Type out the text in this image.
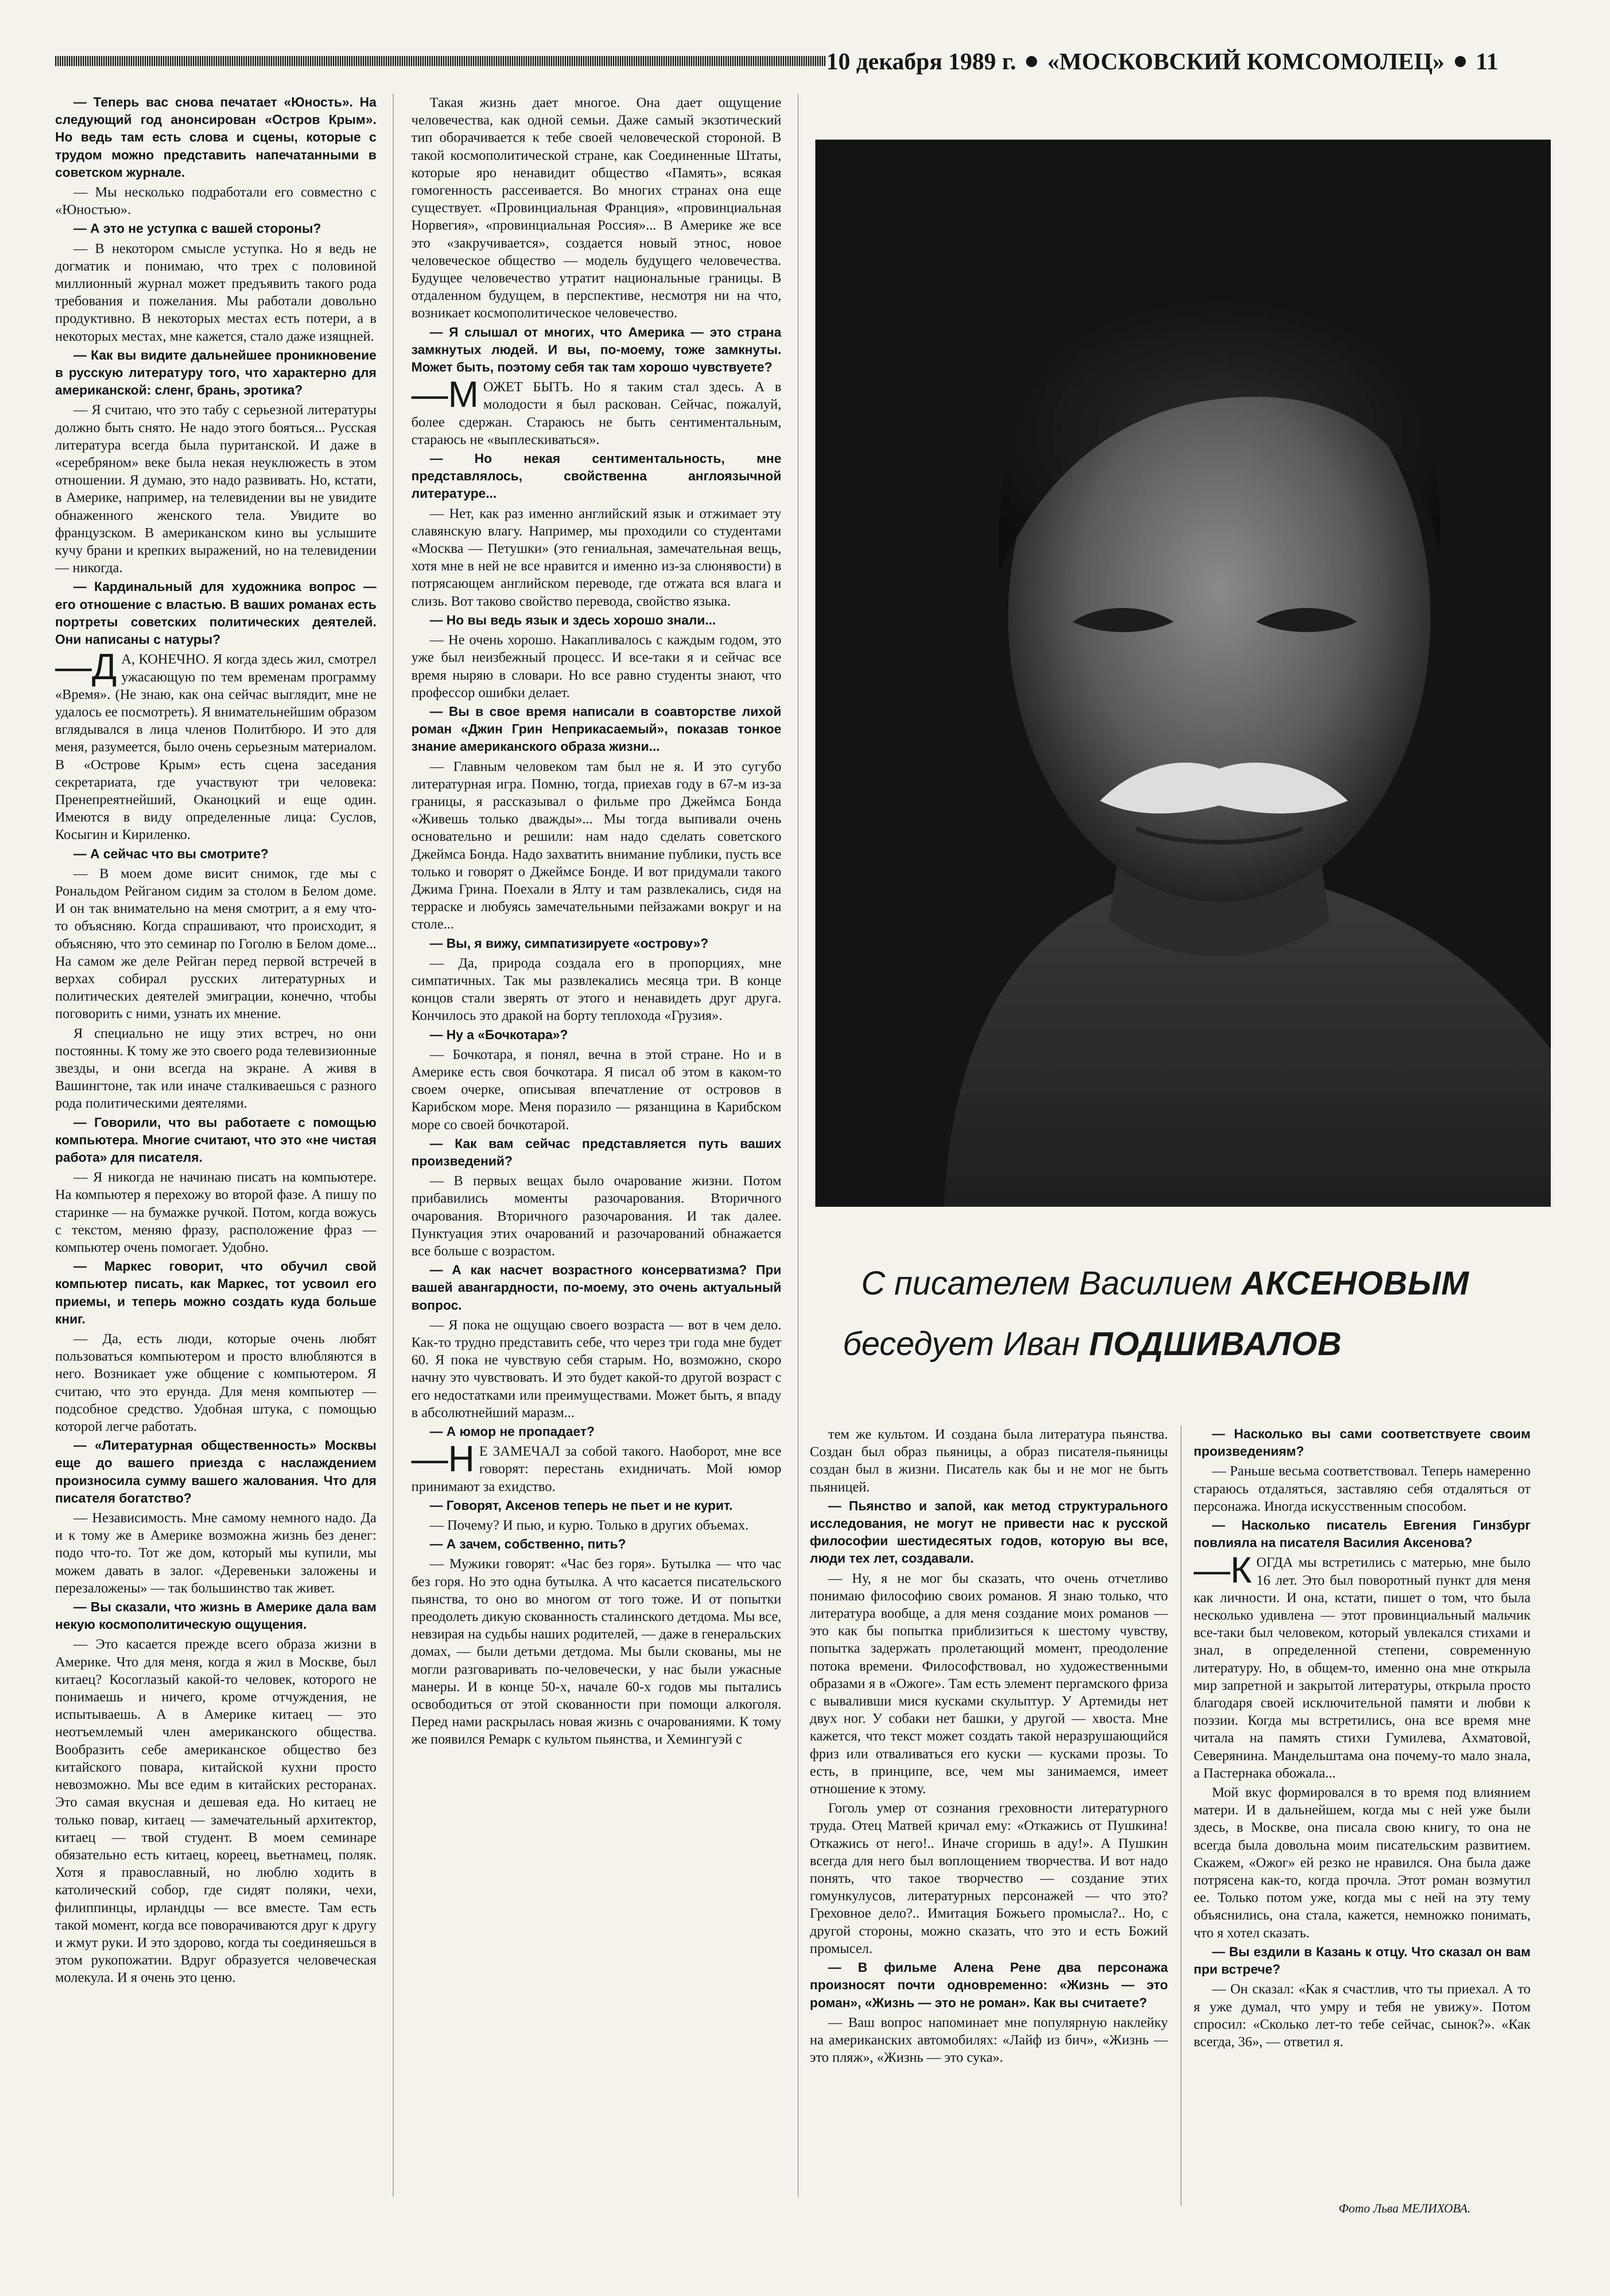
10 декабря 1989 г. «МОСКОВСКИЙ КОМСОМОЛЕЦ» 11

— Теперь вас снова печатает «Юность». На следующий год анонсирован «Остров Крым». Но ведь там есть слова и сцены, которые с трудом можно представить напечатанными в советском журнале.

— Мы несколько подработали его совместно с «Юностью».

— А это не уступка с вашей стороны?

— В некотором смысле уступка. Но я ведь не догматик и понимаю, что трех с половиной миллионный журнал может предъявить такого рода требования и пожелания. Мы работали довольно продуктивно. В некоторых местах есть потери, а в некоторых местах, мне кажется, стало даже изящней.

— Как вы видите дальнейшее проникновение в русскую литературу того, что характерно для американской: сленг, брань, эротика?

— Я считаю, что это табу с серьезной литературы должно быть снято. Не надо этого бояться... Русская литература всегда была пуританской. И даже в «серебряном» веке была некая неуклюжесть в этом отношении. Я думаю, это надо развивать. Но, кстати, в Америке, например, на телевидении вы не увидите обнаженного женского тела. Увидите во французском. В американском кино вы услышите кучу брани и крепких выражений, но на телевидении — никогда.

— Кардинальный для художника вопрос — его отношение с властью. В ваших романах есть портреты советских политических деятелей. Они написаны с натуры?

—Д А, КОНЕЧНО. Я когда здесь жил, смотрел ужасающую по тем временам программу «Время». (Не знаю, как она сейчас выглядит, мне не удалось ее посмотреть). Я внимательнейшим образом вглядывался в лица членов Политбюро. И это для меня, разумеется, было очень серьезным материалом. В «Острове Крым» есть сцена заседания секретариата, где участвуют три человека: Пренепреятнейший, Оканоцкий и еще один. Имеются в виду определенные лица: Суслов, Косыгин и Кириленко.

— А сейчас что вы смотрите?

— В моем доме висит снимок, где мы с Рональдом Рейганом сидим за столом в Белом доме. И он так внимательно на меня смотрит, а я ему что-то объясняю. Когда спрашивают, что происходит, я объясняю, что это семинар по Гоголю в Белом доме... На самом же деле Рейган перед первой встречей в верхах собирал русских литературных и политических деятелей эмиграции, конечно, чтобы поговорить с ними, узнать их мнение.

Я специально не ищу этих встреч, но они постоянны. К тому же это своего рода телевизионные звезды, и они всегда на экране. А живя в Вашингтоне, так или иначе сталкиваешься с разного рода политическими деятелями.

— Говорили, что вы работаете с помощью компьютера. Многие считают, что это «не чистая работа» для писателя.

— Я никогда не начинаю писать на компьютере. На компьютер я перехожу во второй фазе. А пишу по старинке — на бумажке ручкой. Потом, когда вожусь с текстом, меняю фразу, расположение фраз — компьютер очень помогает. Удобно.

— Маркес говорит, что обучил свой компьютер писать, как Маркес, тот усвоил его приемы, и теперь можно создать куда больше книг.

— Да, есть люди, которые очень любят пользоваться компьютером и просто влюбляются в него. Возникает уже общение с компьютером. Я считаю, что это ерунда. Для меня компьютер — подсобное средство. Удобная штука, с помощью которой легче работать.

— «Литературная общественность» Москвы еще до вашего приезда с наслаждением произносила сумму вашего жалования. Что для писателя богатство?

— Независимость. Мне самому немного надо. Да и к тому же в Америке возможна жизнь без денег: подо что-то. Тот же дом, который мы купили, мы можем давать в залог. «Деревеньки заложены и перезаложены» — так большинство так живет.

— Вы сказали, что жизнь в Америке дала вам некую космополитическую ощущения.

— Это касается прежде всего образа жизни в Америке. Что для меня, когда я жил в Москве, был китаец? Косоглазый какой-то человек, которого не понимаешь и ничего, кроме отчуждения, не испытываешь. А в Америке китаец — это неотъемлемый член американского общества. Вообразить себе американское общество без китайского повара, китайской кухни просто невозможно. Мы все едим в китайских ресторанах. Это самая вкусная и дешевая еда. Но китаец не только повар, китаец — замечательный архитектор, китаец — твой студент. В моем семинаре обязательно есть китаец, кореец, вьетнамец, поляк. Хотя я православный, но люблю ходить в католический собор, где сидят поляки, чехи, филиппинцы, ирландцы — все вместе. Там есть такой момент, когда все поворачиваются друг к другу и жмут руки. И это здорово, когда ты соединяешься в этом рукопожатии. Вдруг образуется человеческая молекула. И я очень это ценю.

Такая жизнь дает многое. Она дает ощущение человечества, как одной семьи. Даже самый экзотический тип оборачивается к тебе своей человеческой стороной. В такой космополитической стране, как Соединенные Штаты, которые яро ненавидит общество «Память», всякая гомогенность рассеивается. Во многих странах она еще существует. «Провинциальная Франция», «провинциальная Норвегия», «провинциальная Россия»... В Америке же все это «закручивается», создается новый этнос, новое человеческое общество — модель будущего человечества. Будущее человечество утратит национальные границы. В отдаленном будущем, в перспективе, несмотря ни на что, возникает космополитическое человечество.

— Я слышал от многих, что Америка — это страна замкнутых людей. И вы, по-моему, тоже замкнуты. Может быть, поэтому себя так там хорошо чувствуете?

—М ОЖЕТ БЫТЬ. Но я таким стал здесь. А в молодости я был раскован. Сейчас, пожалуй, более сдержан. Стараюсь не быть сентиментальным, стараюсь не «выплескиваться».

— Но некая сентиментальность, мне представлялось, свойственна англоязычной литературе...

— Нет, как раз именно английский язык и отжимает эту славянскую влагу. Например, мы проходили со студентами «Москва — Петушки» (это гениальная, замечательная вещь, хотя мне в ней не все нравится и именно из-за слюнявости) в потрясающем английском переводе, где отжата вся влага и слизь. Вот таково свойство перевода, свойство языка.

— Но вы ведь язык и здесь хорошо знали...

— Не очень хорошо. Накапливалось с каждым годом, это уже был неизбежный процесс. И все-таки я и сейчас все время ныряю в словари. Но все равно студенты знают, что профессор ошибки делает.

— Вы в свое время написали в соавторстве лихой роман «Джин Грин Неприкасаемый», показав тонкое знание американского образа жизни...

— Главным человеком там был не я. И это сугубо литературная игра. Помню, тогда, приехав году в 67-м из-за границы, я рассказывал о фильме про Джеймса Бонда «Живешь только дважды»... Мы тогда выпивали очень основательно и решили: нам надо сделать советского Джеймса Бонда. Надо захватить внимание публики, пусть все только и говорят о Джеймсе Бонде. И вот придумали такого Джима Грина. Поехали в Ялту и там развлекались, сидя на терраске и любуясь замечательными пейзажами вокруг и на столе...

— Вы, я вижу, симпатизируете «острову»?

— Да, природа создала его в пропорциях, мне симпатичных. Так мы развлекались месяца три. В конце концов стали зверять от этого и ненавидеть друг друга. Кончилось это дракой на борту теплохода «Грузия».

— Ну а «Бочкотара»?

— Бочкотара, я понял, вечна в этой стране. Но и в Америке есть своя бочкотара. Я писал об этом в каком-то своем очерке, описывая впечатление от островов в Карибском море. Меня поразило — рязанщина в Карибском море со своей бочкотарой.

— Как вам сейчас представляется путь ваших произведений?

— В первых вещах было очарование жизни. Потом прибавились моменты разочарования. Вторичного очарования. Вторичного разочарования. И так далее. Пунктуация этих очарований и разочарований обнажается все больше с возрастом.

— А как насчет возрастного консерватизма? При вашей авангардности, по-моему, это очень актуальный вопрос.

— Я пока не ощущаю своего возраста — вот в чем дело. Как-то трудно представить себе, что через три года мне будет 60. Я пока не чувствую себя старым. Но, возможно, скоро начну это чувствовать. И это будет какой-то другой возраст с его недостатками или преимуществами. Может быть, я впаду в абсолютнейший маразм...

— А юмор не пропадает?

—Н Е ЗАМЕЧАЛ за собой такого. Наоборот, мне все говорят: перестань ехидничать. Мой юмор принимают за ехидство.

— Говорят, Аксенов теперь не пьет и не курит.

— Почему? И пью, и курю. Только в других объемах.

— А зачем, собственно, пить?

— Мужики говорят: «Час без горя». Бутылка — что час без горя. Но это одна бутылка. А что касается писательского пьянства, то оно во многом от того тоже. И от попытки преодолеть дикую скованность сталинского детдома. Мы все, невзирая на судьбы наших родителей, — даже в генеральских домах, — были детьми детдома. Мы были скованы, мы не могли разговаривать по-человечески, у нас были ужасные манеры. И в конце 50-х, начале 60-х годов мы пытались освободиться от этой скованности при помощи алкоголя. Перед нами раскрылась новая жизнь с очарованиями. К тому же появился Ремарк с культом пьянства, и Хемингуэй с

С писателем Василием АКСЕНОВЫМ
беседует Иван ПОДШИВАЛОВ

тем же культом. И создана была литература пьянства. Создан был образ пьяницы, а образ писателя-пьяницы создан был в жизни. Писатель как бы и не мог не быть пьяницей.

— Пьянство и запой, как метод структурального исследования, не могут не привести нас к русской философии шестидесятых годов, которую вы все, люди тех лет, создавали.

— Ну, я не мог бы сказать, что очень отчетливо понимаю философию своих романов. Я знаю только, что литература вообще, а для меня создание моих романов — это как бы попытка приблизиться к шестому чувству, попытка задержать пролетающий момент, преодоление потока времени. Философствовал, но художественными образами я в «Ожоге». Там есть элемент пергамского фриза с вываливши мися кусками скульптур. У Артемиды нет двух ног. У собаки нет башки, у другой — хвоста. Мне кажется, что текст может создать такой неразрушающийся фриз или отваливаться его куски — кусками прозы. То есть, в принципе, все, чем мы занимаемся, имеет отношение к этому.

Гоголь умер от сознания греховности литературного труда. Отец Матвей кричал ему: «Откажись от Пушкина! Откажись от него!.. Иначе сгоришь в аду!». А Пушкин всегда для него был воплощением творчества. И вот надо понять, что такое творчество — создание этих гомункулусов, литературных персонажей — что это? Греховное дело?.. Имитация Божьего промысла?.. Но, с другой стороны, можно сказать, что это и есть Божий промысел.

— В фильме Алена Рене два персонажа произносят почти одновременно: «Жизнь — это роман», «Жизнь — это не роман». Как вы считаете?

— Ваш вопрос напоминает мне популярную наклейку на американских автомобилях: «Лайф из бич», «Жизнь — это пляж», «Жизнь — это сука».

— Насколько вы сами соответствуете своим произведениям?

— Раньше весьма соответствовал. Теперь намеренно стараюсь отдаляться, заставляю себя отдаляться от персонажа. Иногда искусственным способом.

— Насколько писатель Евгения Гинзбург повлияла на писателя Василия Аксенова?

—К ОГДА мы встретились с матерью, мне было 16 лет. Это был поворотный пункт для меня как личности. И она, кстати, пишет о том, что была несколько удивлена — этот провинциальный мальчик все-таки был человеком, который увлекался стихами и знал, в определенной степени, современную литературу. Но, в общем-то, именно она мне открыла мир запретной и закрытой литературы, открыла просто благодаря своей исключительной памяти и любви к поэзии. Когда мы встретились, она все время мне читала на память стихи Гумилева, Ахматовой, Северянина. Мандельштама она почему-то мало знала, а Пастернака обожала...

Мой вкус формировался в то время под влиянием матери. И в дальнейшем, когда мы с ней уже были здесь, в Москве, она писала свою книгу, то она не всегда была довольна моим писательским развитием. Скажем, «Ожог» ей резко не нравился. Она была даже потрясена как-то, когда прочла. Этот роман возмутил ее. Только потом уже, когда мы с ней на эту тему объяснились, она стала, кажется, немножко понимать, что я хотел сказать.

— Вы ездили в Казань к отцу. Что сказал он вам при встрече?

— Он сказал: «Как я счастлив, что ты приехал. А то я уже думал, что умру и тебя не увижу». Потом спросил: «Сколько лет-то тебе сейчас, сынок?». «Как всегда, 36», — ответил я.

Фото Льва МЕЛИХОВА.
